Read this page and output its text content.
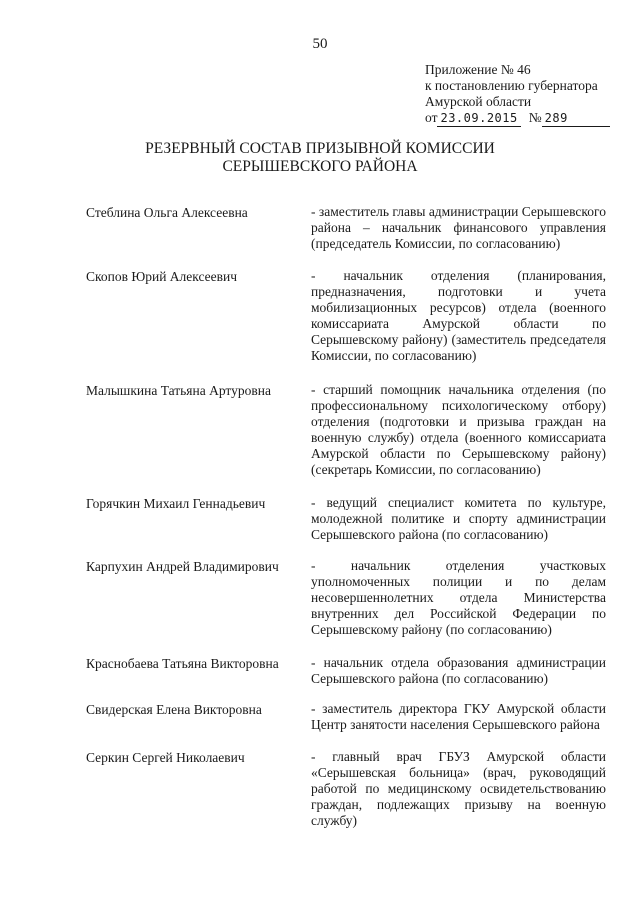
50
Приложение № 46
к постановлению губернатора
Амурской области
от 23.09.2015 № 289
РЕЗЕРВНЫЙ СОСТАВ ПРИЗЫВНОЙ КОМИССИИ
СЕРЫШЕВСКОГО РАЙОНА
Стеблина Ольга Алексеевна	- заместитель главы администрации Серышевского района – начальник финансового управления (председатель Комиссии, по согласованию)
Скопов Юрий Алексеевич	- начальник отделения (планирования, предназначения, подготовки и учета мобилизационных ресурсов) отдела (военного комиссариата Амурской области по Серышевскому району) (заместитель председателя Комиссии, по согласованию)
Малышкина Татьяна Артуровна	- старший помощник начальника отделения (по профессиональному психологическому отбору) отделения (подготовки и призыва граждан на военную службу) отдела (военного комиссариата Амурской области по Серышевскому району) (секретарь Комиссии, по согласованию)
Горячкин Михаил Геннадьевич	- ведущий специалист комитета по культуре, молодежной политике и спорту администрации Серышевского района (по согласованию)
Карпухин Андрей Владимирович - начальник отделения участковых уполномоченных полиции и по делам несовершеннолетних отдела Министерства внутренних дел Российской Федерации по Серышевскому району (по согласованию)
Краснобаева Татьяна Викторовна - начальник отдела образования администрации Серышевского района (по согласованию)
Свидерская Елена Викторовна	- заместитель директора ГКУ Амурской области Центр занятости населения Серышевского района
Серкин Сергей Николаевич	- главный врач ГБУЗ Амурской области «Серышевская больница» (врач, руководящий работой по медицинскому освидетельствованию граждан, подлежащих призыву на военную службу)
